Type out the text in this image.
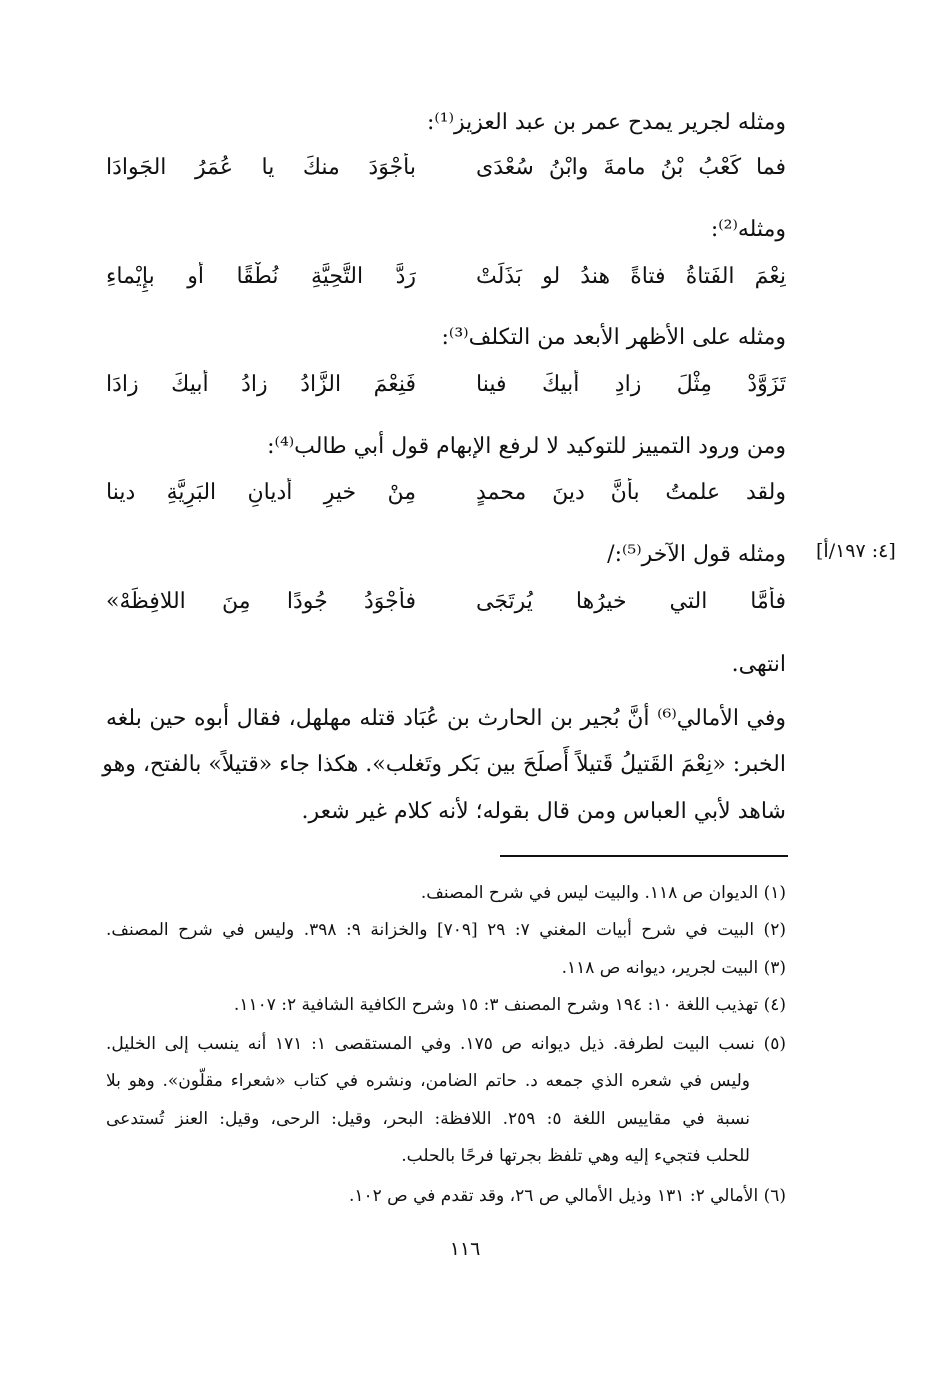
[٤: ١٩٧/أ]
ومثله لجرير يمدح عمر بن عبد العزيز⁽¹⁾:
فما كَعْبُ بْنُ مامةَ وابْنُ سُعْدَى
بأَجْوَدَ منكَ يا عُمَرُ الجَوادَا
ومثله⁽²⁾:
نِعْمَ الفَتاةُ فتاةً هندُ لو بَذَلَتْ
رَدَّ التَّحِيَّةِ نُطْقًا أو بإِيْماءِ
ومثله على الأظهر الأبعد من التكلف⁽³⁾:
تَزَوَّدْ مِثْلَ زادِ أبيكَ فينا
فَنِعْمَ الزَّادُ زادُ أبيكَ زادَا
ومن ورود التمييز للتوكيد لا لرفع الإبهام قول أبي طالب⁽⁴⁾:
ولقد علمتُ بأنَّ دينَ محمدٍ
مِنْ خيرِ أديانِ البَرِيَّةِ دينا
ومثله قول الآخر⁽⁵⁾:/
فأَمَّا التي خيرُها يُرتَجَى
فأَجْوَدُ جُودًا مِنَ اللافِظَهْ»
انتهى.
وفي الأمالي⁽⁶⁾ أنَّ بُجير بن الحارث بن عُبَاد قتله مهلهل، فقال أبوه حين بلغه
الخبر: «نِعْمَ القَتيلُ قَتيلاً أَصلَحَ بين بَكر وتَغلب». هكذا جاء «قتيلاً» بالفتح، وهو
شاهد لأبي العباس ومن قال بقوله؛ لأنه كلام غير شعر.
(١) الديوان ص ١١٨. والبيت ليس في شرح المصنف.
(٢) البيت في شرح أبيات المغني ٧: ٢٩ [٧٠٩] والخزانة ٩: ٣٩٨. وليس في شرح المصنف.
(٣) البيت لجرير، ديوانه ص ١١٨.
(٤) تهذيب اللغة ١٠: ١٩٤ وشرح المصنف ٣: ١٥ وشرح الكافية الشافية ٢: ١١٠٧.
(٥) نسب البيت لطرفة. ذيل ديوانه ص ١٧٥. وفي المستقصى ١: ١٧١ أنه ينسب إلى الخليل.
وليس في شعره الذي جمعه د. حاتم الضامن، ونشره في كتاب «شعراء مقلّون». وهو بلا
نسبة في مقاييس اللغة ٥: ٢٥٩. اللافظة: البحر، وقيل: الرحى، وقيل: العنز تُستدعى
للحلب فتجيء إليه وهي تلفظ بجرتها فرحًا بالحلب.
(٦) الأمالي ٢: ١٣١ وذيل الأمالي ص ٢٦، وقد تقدم في ص ١٠٢.
١١٦
